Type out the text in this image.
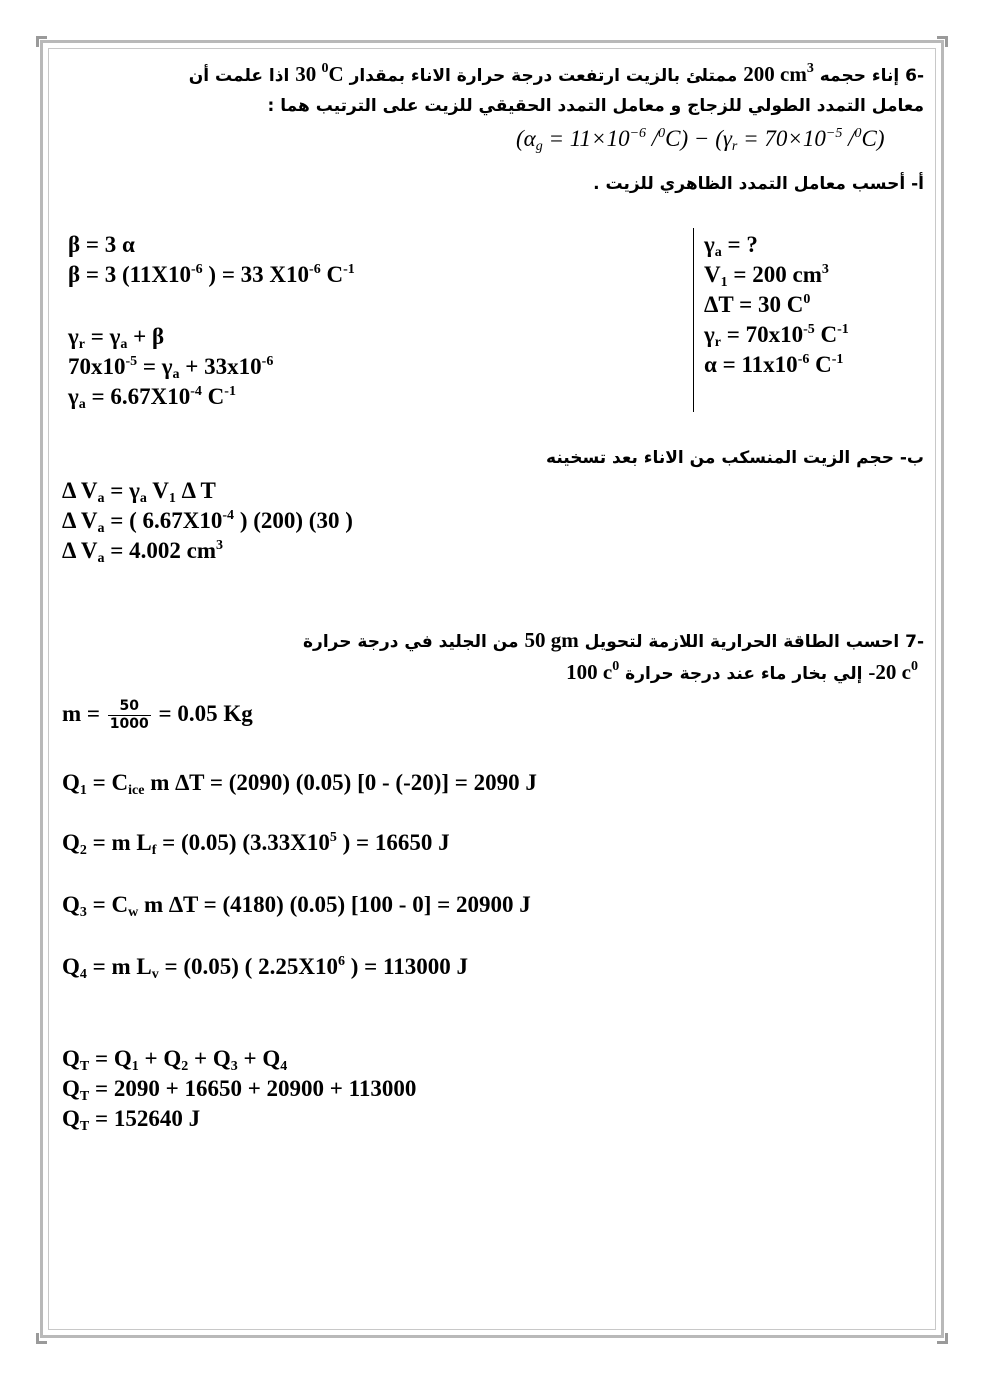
-6 إناء حجمه 200 $cm^3$ ممتلئ بالزيت ارتفعت درجة حرارة الاناء بمقدار 30 $^0$C اذا علمت أن
معامل التمدد الطولي للزجاج و معامل التمدد الحقيقي للزيت على الترتيب هما :
($\alpha_g = 11\times 10^{-6}$ $/^0C) - (\gamma_r = 70\times 10^{-5}$ /$^0$C)
أ- أحسب معامل التمدد الظاهري للزيت .
$\gamma_a$ = ?
$V_1 = 200$ $cm^3$
ΔT = 30 $C^0$
$\gamma_r = 70x10^{-5}$ $C^{-1}$
$\alpha = 11x10^{-6}$ $C^{-1}$
β = 3 α
β = 3 ($11X10^{-6}$ ) = 33 $X10^{-6}$ $C^{-1}$
$\gamma_r = \gamma_a + \beta$
$70x10^{-5} = \gamma_a + 33x10^{-6}$
$\gamma_a = 6.67X10^{-4}$ $C^{-1}$
ب- حجم الزيت المنسكب من الاناء بعد تسخينه
Δ $V_a = \gamma_a$ $V_1$ Δ T
Δ $V_a$ = ( $6.67X10^{-4}$ ) (200) (30 )
Δ $V_a = 4.002$ $cm^3$
-7 احسب الطاقة الحرارية اللازمة لتحويل 50 gm من الجليد في درجة حرارة
-20 $c^0$ إلي بخار ماء عند درجة حرارة 100 $c^0$
$m = \frac{50}{1000} = 0.05$ Kg
$Q_1 = C_{ice}$ m ∆T = (2090) (0.05) [0 - (-20)] = 2090 J
$Q_2 = m$ $L_f = (0.05)$ ($3.33X10^5$ ) = 16650 J
$Q_3 = C_w$ m ∆T = (4180) (0.05) [100 - 0] = 20900 J
$Q_4 = m$ $L_v = (0.05)$ ( $2.25X10^6$ ) = 113000 J
$Q_T = Q_1 + Q_2 + Q_3 + Q_4$
$Q_T = 2090 + 16650 + 20900 + 113000$
$Q_T = 152640$ J
